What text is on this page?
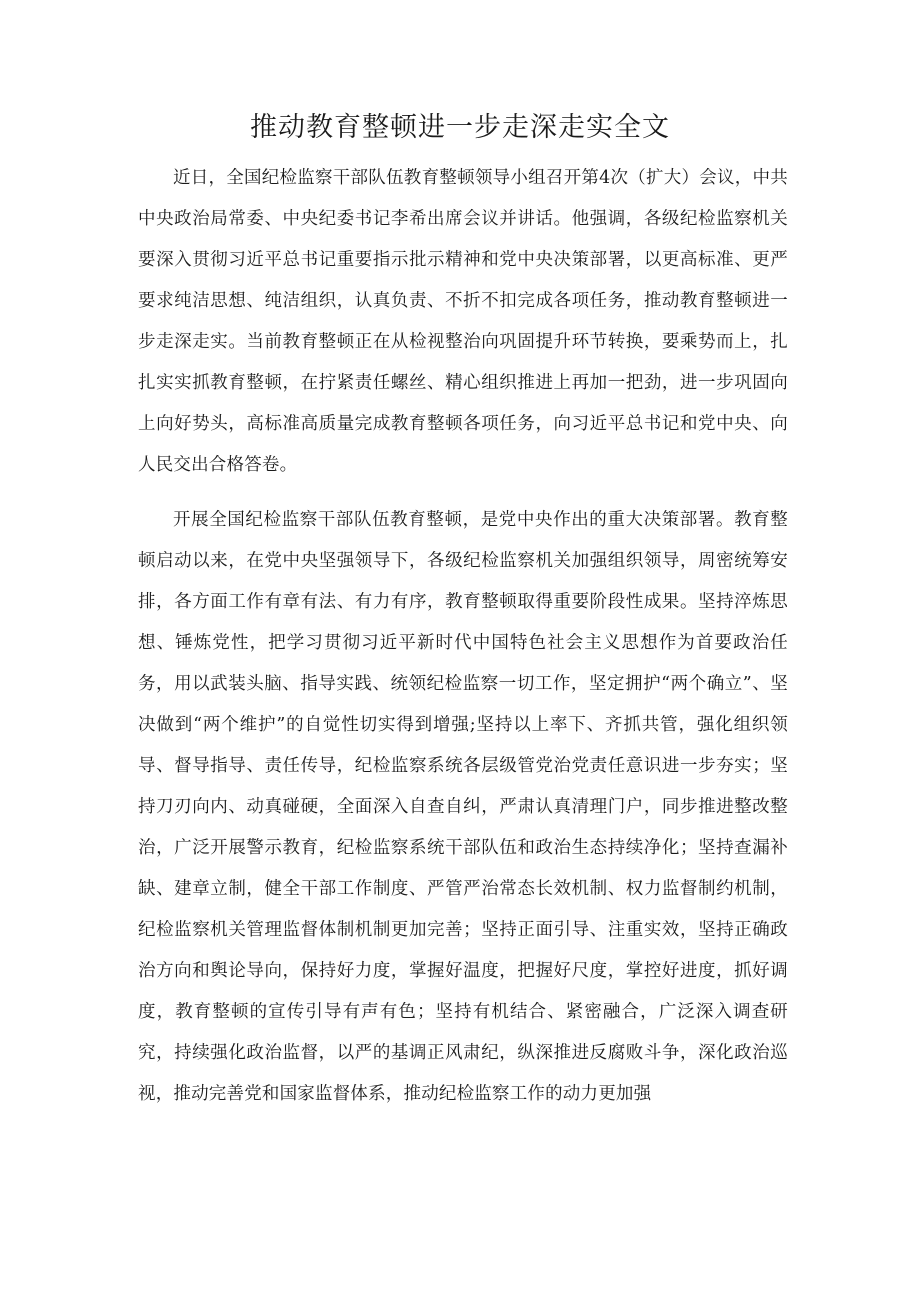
推动教育整顿进一步走深走实全文

近日，全国纪检监察干部队伍教育整顿领导小组召开第4次（扩大）会议，中共中央政治局常委、中央纪委书记李希出席会议并讲话。他强调，各级纪检监察机关要深入贯彻习近平总书记重要指示批示精神和党中央决策部署，以更高标准、更严要求纯洁思想、纯洁组织，认真负责、不折不扣完成各项任务，推动教育整顿进一步走深走实。当前教育整顿正在从检视整治向巩固提升环节转换，要乘势而上，扎扎实实抓教育整顿，在拧紧责任螺丝、精心组织推进上再加一把劲，进一步巩固向上向好势头，高标准高质量完成教育整顿各项任务，向习近平总书记和党中央、向人民交出合格答卷。

开展全国纪检监察干部队伍教育整顿，是党中央作出的重大决策部署。教育整顿启动以来，在党中央坚强领导下，各级纪检监察机关加强组织领导，周密统筹安排，各方面工作有章有法、有力有序，教育整顿取得重要阶段性成果。坚持淬炼思想、锤炼党性，把学习贯彻习近平新时代中国特色社会主义思想作为首要政治任务，用以武装头脑、指导实践、统领纪检监察一切工作，坚定拥护“两个确立”、坚决做到“两个维护”的自觉性切实得到增强;坚持以上率下、齐抓共管，强化组织领导、督导指导、责任传导，纪检监察系统各层级管党治党责任意识进一步夯实；坚持刀刃向内、动真碰硬，全面深入自查自纠，严肃认真清理门户，同步推进整改整治，广泛开展警示教育，纪检监察系统干部队伍和政治生态持续净化；坚持查漏补缺、建章立制，健全干部工作制度、严管严治常态长效机制、权力监督制约机制，纪检监察机关管理监督体制机制更加完善；坚持正面引导、注重实效，坚持正确政治方向和舆论导向，保持好力度，掌握好温度，把握好尺度，掌控好进度，抓好调度，教育整顿的宣传引导有声有色；坚持有机结合、紧密融合，广泛深入调查研究，持续强化政治监督，以严的基调正风肃纪，纵深推进反腐败斗争，深化政治巡视，推动完善党和国家监督体系，推动纪检监察工作的动力更加强
